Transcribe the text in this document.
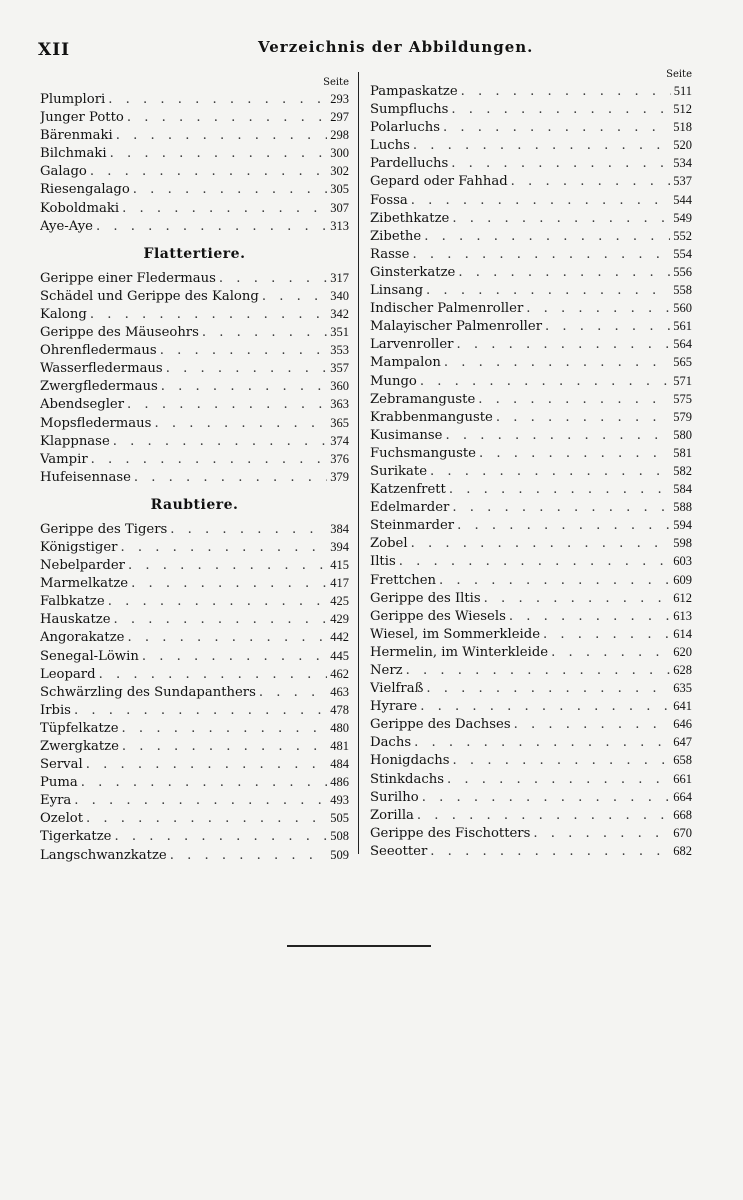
XII	Verzeichnis der Abbildungen.
Seite
Plumplori . . .	293
Junger Potto . . .	297
Bärenmaki . . .	298
Bilchmaki . . .	300
Galago . . .	302
Riesengalago . . .	305
Koboldmaki . . .	307
Aye-Aye . . .	313
Flattertiere.
Gerippe einer Fledermaus . . .	317
Schädel und Gerippe des Kalong . . .	340
Kalong . . .	342
Gerippe des Mäuseohrs . . .	351
Ohrenfledermaus . . .	353
Wasserfledermaus . . .	357
Zwergfledermaus . . .	360
Abendsegler . . .	363
Mopsfledermaus . . .	365
Klappnase . . .	374
Vampir . . .	376
Hufeisennase . . .	379
Raubtiere.
Gerippe des Tigers . . .	384
Königstiger . . .	394
Nebelparder . . .	415
Marmelkatze . . .	417
Falbkatze . . .	425
Hauskatze . . .	429
Angorakatze . . .	442
Senegal-Löwin . . .	445
Leopard . . .	462
Schwärzling des Sundapanthers . . .	463
Irbis . . .	478
Tüpfelkatze . . .	480
Zwergkatze . . .	481
Serval . . .	484
Puma . . .	486
Eyra . . .	493
Ozelot . . .	505
Tigerkatze . . .	508
Langschwanzkatze . . .	509
Seite
Pampaskatze . . .	511
Sumpfluchs . . .	512
Polarluchs . . .	518
Luchs . . .	520
Pardelluchs . . .	534
Gepard oder Fahhad . . .	537
Fossa . . .	544
Zibethkatze . . .	549
Zibethe . . .	552
Rasse . . .	554
Ginsterkatze . . .	556
Linsang . . .	558
Indischer Palmenroller . . .	560
Malayischer Palmenroller . . .	561
Larvenroller . . .	564
Mampalon . . .	565
Mungo . . .	571
Zebramanguste . . .	575
Krabbenmanguste . . .	579
Kusimanse . . .	580
Fuchsmanguste . . .	581
Surikate . . .	582
Katzenfrett . . .	584
Edelmarder . . .	588
Steinmarder . . .	594
Zobel . . .	598
Iltis . . .	603
Frettchen . . .	609
Gerippe des Iltis . . .	612
Gerippe des Wiesels . . .	613
Wiesel, im Sommerkleide . . .	614
Hermelin, im Winterkleide . . .	620
Nerz . . .	628
Vielfraß . . .	635
Hyrare . . .	641
Gerippe des Dachses . . .	646
Dachs . . .	647
Honigdachs . . .	658
Stinkdachs . . .	661
Surilho . . .	664
Zorilla . . .	668
Gerippe des Fischotters . . .	670
Seeotter . . .	682
